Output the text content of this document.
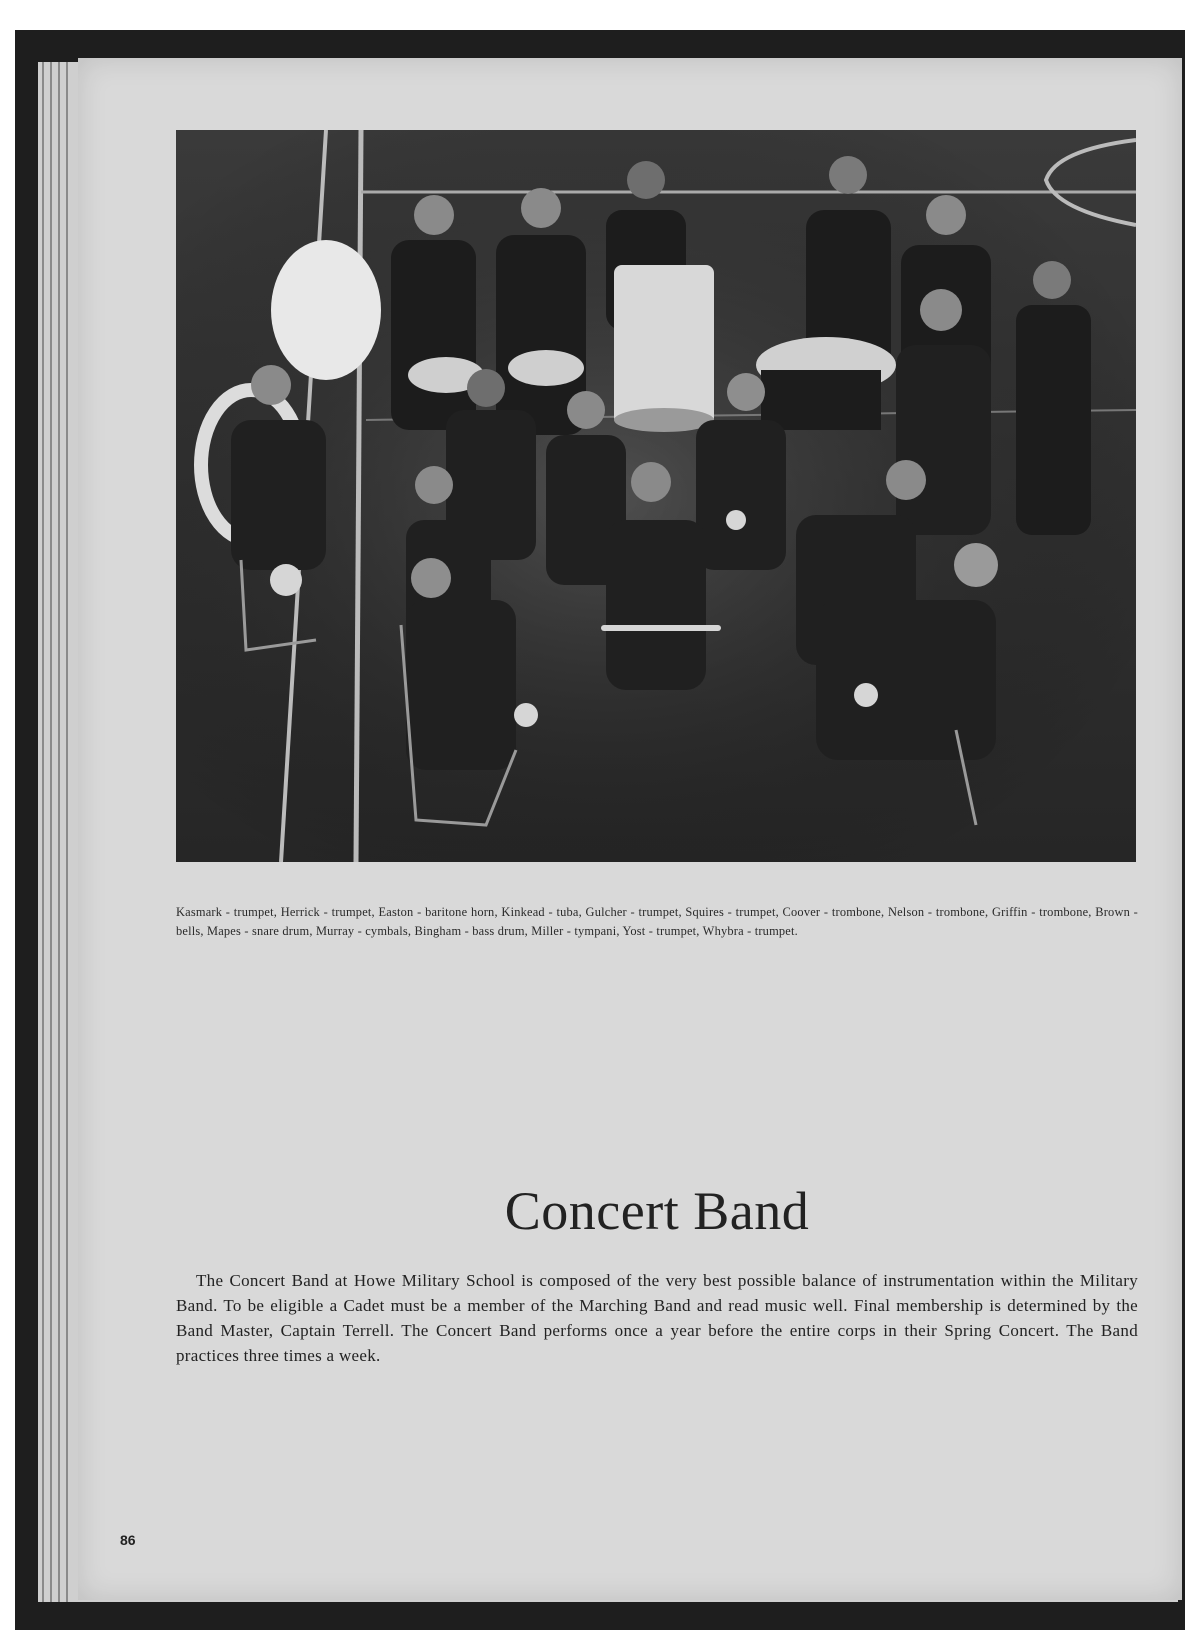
Kasmark - trumpet, Herrick - trumpet, Easton - baritone horn, Kinkead - tuba, Gulcher - trumpet, Squires - trumpet, Coover - trombone, Nelson - trombone, Griffin - trombone, Brown - bells, Mapes - snare drum, Murray - cymbals, Bingham - bass drum, Miller - tympani, Yost - trumpet, Whybra - trumpet.
Concert Band
The Concert Band at Howe Military School is composed of the very best possible balance of instrumentation within the Military Band. To be eligible a Cadet must be a member of the Marching Band and read music well. Final membership is determined by the Band Master, Captain Terrell. The Concert Band performs once a year before the entire corps in their Spring Concert. The Band practices three times a week.
86
